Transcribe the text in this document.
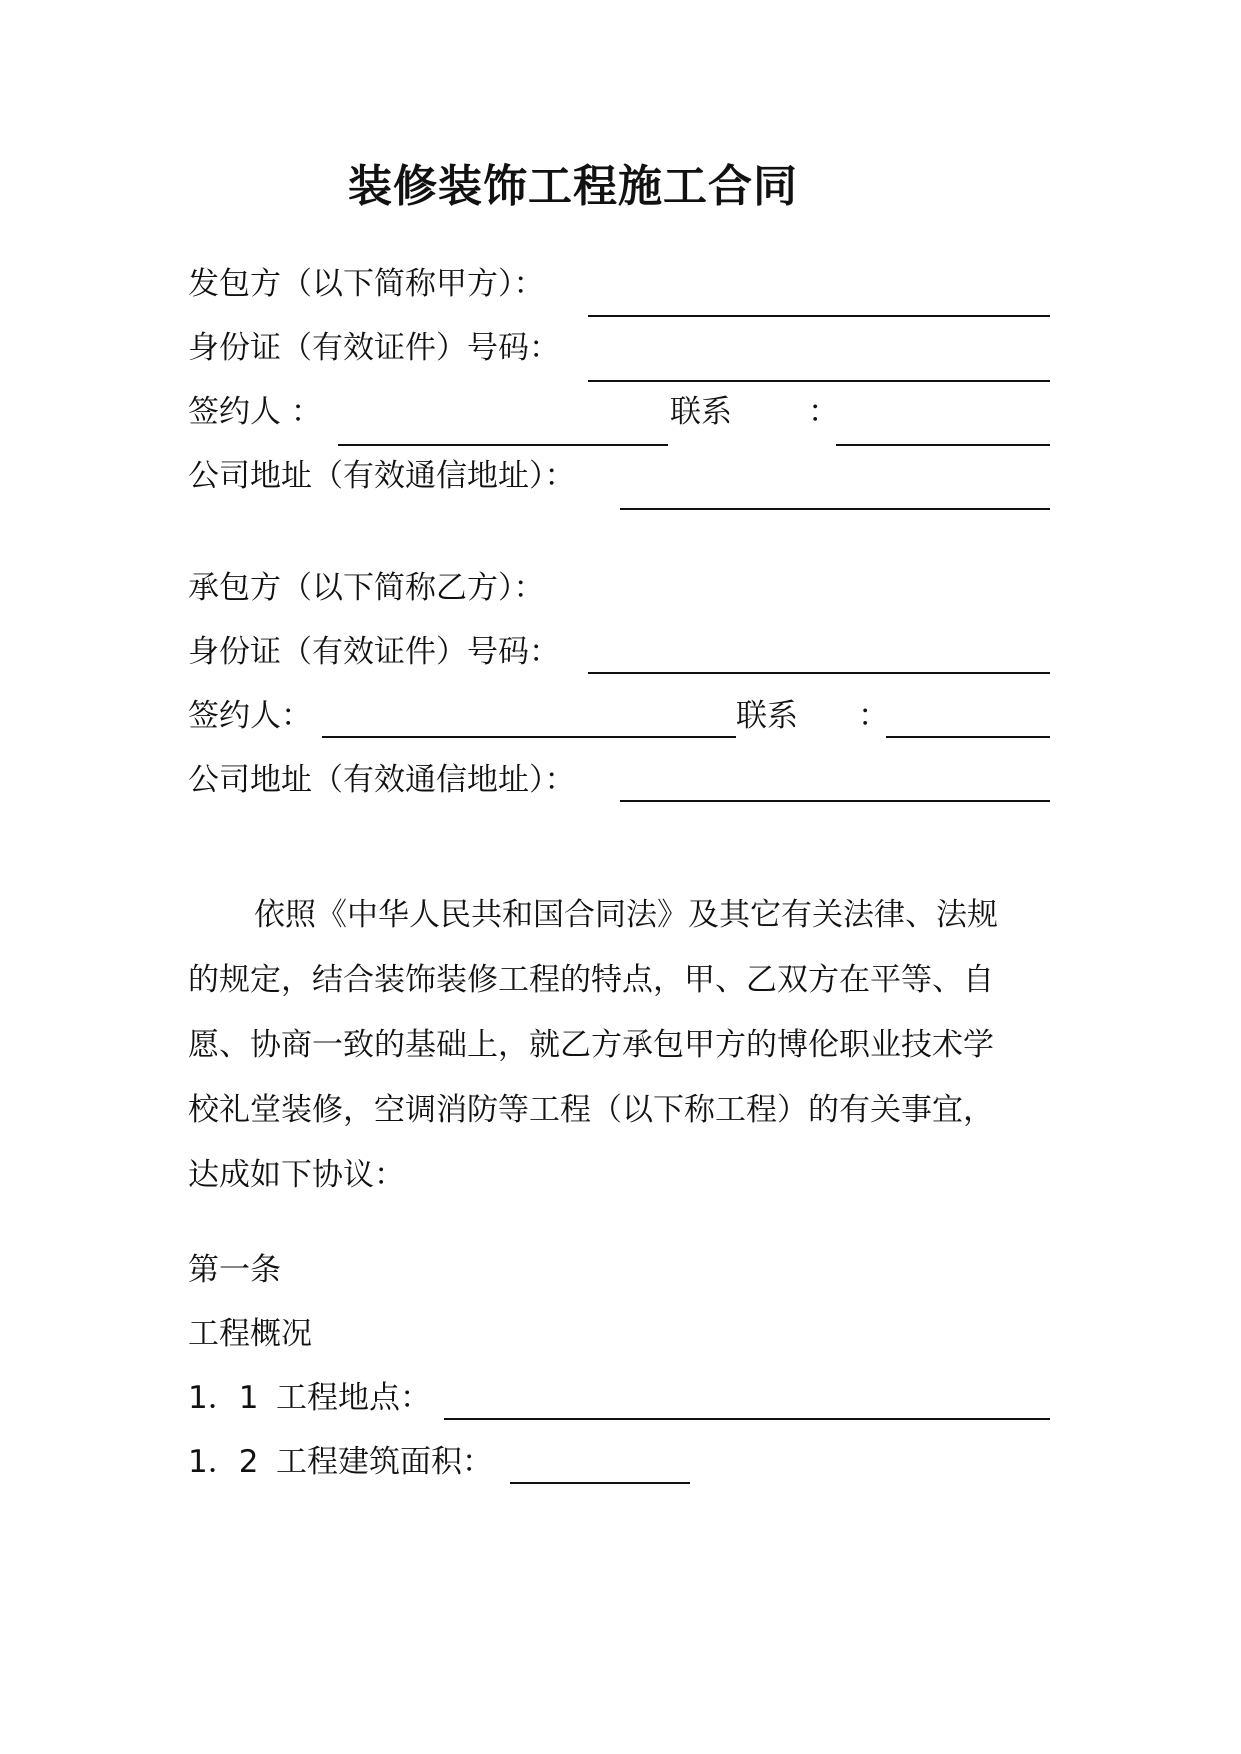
装修装饰工程施工合同
发包方（以下简称甲方）：
身份证（有效证件）号码：
签约人 ：	联系 ：
公司地址（有效通信地址）：
承包方（以下简称乙方）：
身份证（有效证件）号码：
签约人：	联系 ：
公司地址（有效通信地址）：
依照《中华人民共和国合同法》及其它有关法律、法规
的规定，结合装饰装修工程的特点，甲、乙双方在平等、自
愿、协商一致的基础上，就乙方承包甲方的博伦职业技术学
校礼堂装修，空调消防等工程（以下称工程）的有关事宜，
达成如下协议：
第一条
工程概况
1．1 工程地点：
1．2 工程建筑面积：
